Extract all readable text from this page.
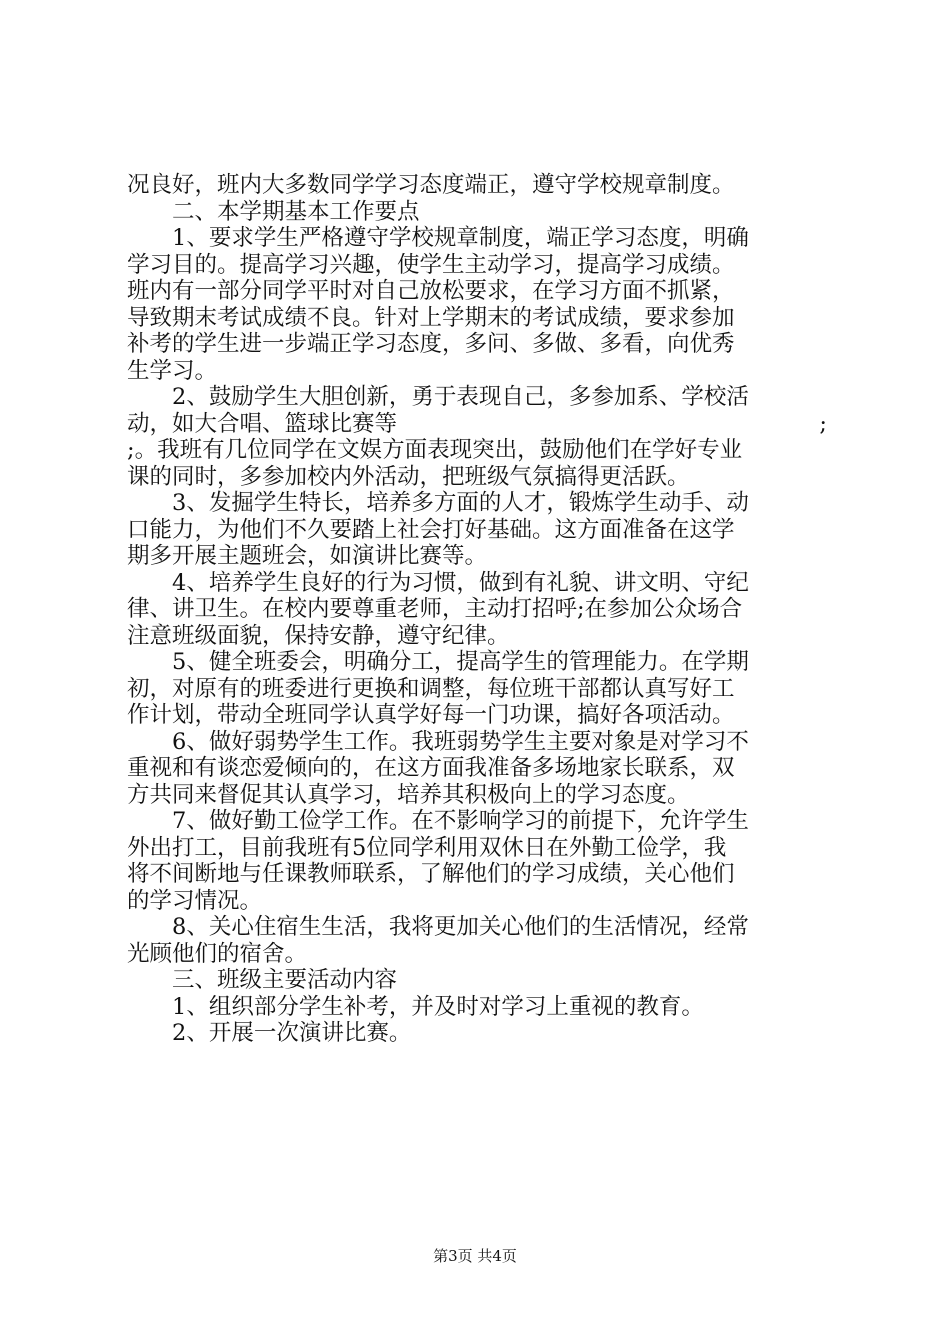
况良好，班内大多数同学学习态度端正，遵守学校规章制度。
二、本学期基本工作要点
1、要求学生严格遵守学校规章制度，端正学习态度，明确
学习目的。提高学习兴趣，使学生主动学习，提高学习成绩。
班内有一部分同学平时对自己放松要求，在学习方面不抓紧，
导致期末考试成绩不良。针对上学期末的考试成绩，要求参加
补考的学生进一步端正学习态度，多问、多做、多看，向优秀
生学习。
2、鼓励学生大胆创新，勇于表现自己，多参加系、学校活
动，如大合唱、篮球比赛等	;
;。我班有几位同学在文娱方面表现突出，鼓励他们在学好专业
课的同时，多参加校内外活动，把班级气氛搞得更活跃。
3、发掘学生特长，培养多方面的人才，锻炼学生动手、动
口能力，为他们不久要踏上社会打好基础。这方面准备在这学
期多开展主题班会，如演讲比赛等。
4、培养学生良好的行为习惯，做到有礼貌、讲文明、守纪
律、讲卫生。在校内要尊重老师，主动打招呼;在参加公众场合
注意班级面貌，保持安静，遵守纪律。
5、健全班委会，明确分工，提高学生的管理能力。在学期
初，对原有的班委进行更换和调整，每位班干部都认真写好工
作计划，带动全班同学认真学好每一门功课，搞好各项活动。
6、做好弱势学生工作。我班弱势学生主要对象是对学习不
重视和有谈恋爱倾向的，在这方面我准备多场地家长联系，双
方共同来督促其认真学习，培养其积极向上的学习态度。
7、做好勤工俭学工作。在不影响学习的前提下，允许学生
外出打工，目前我班有5位同学利用双休日在外勤工俭学，我
将不间断地与任课教师联系，了解他们的学习成绩，关心他们
的学习情况。
8、关心住宿生生活，我将更加关心他们的生活情况，经常
光顾他们的宿舍。
三、班级主要活动内容
1、组织部分学生补考，并及时对学习上重视的教育。
2、开展一次演讲比赛。
第3页 共4页
